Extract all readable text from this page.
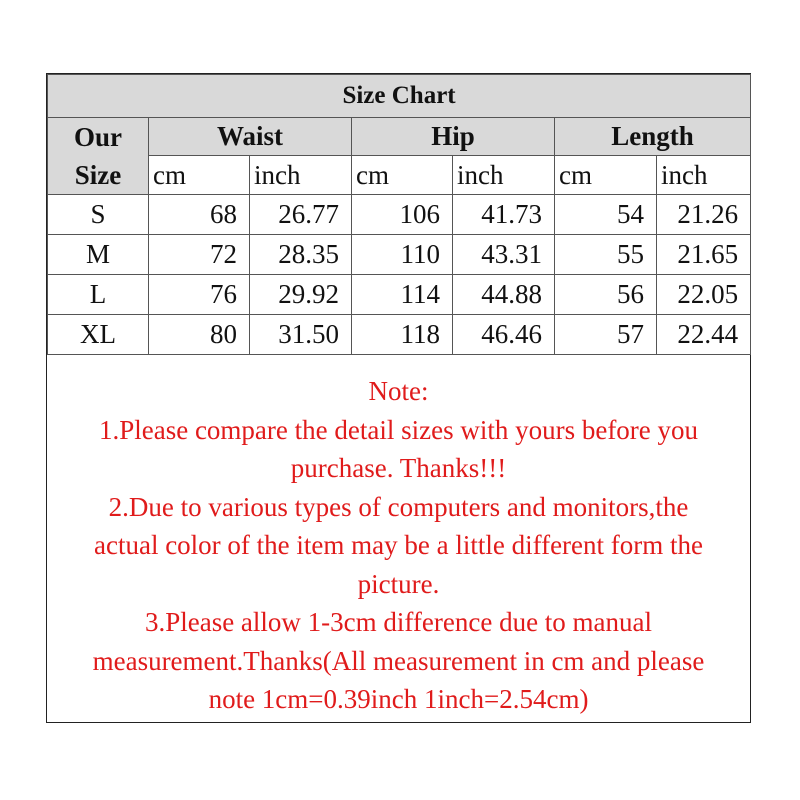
Size Chart						
Our
Size	Waist		Hip		Length	
	cm	inch	cm	inch	cm	inch
S	68	26.77	106	41.73	54	21.26
M	72	28.35	110	43.31	55	21.65
L	76	29.92	114	44.88	56	22.05
XL	80	31.50	118	46.46	57	22.44
Note:
1.Please compare the detail sizes with yours before you
purchase. Thanks!!!
2.Due to various types of computers and monitors,the
actual color of the item may be a little different form the
picture.
3.Please allow 1-3cm difference due to manual
measurement.Thanks(All measurement in cm and please
note 1cm=0.39inch 1inch=2.54cm)
